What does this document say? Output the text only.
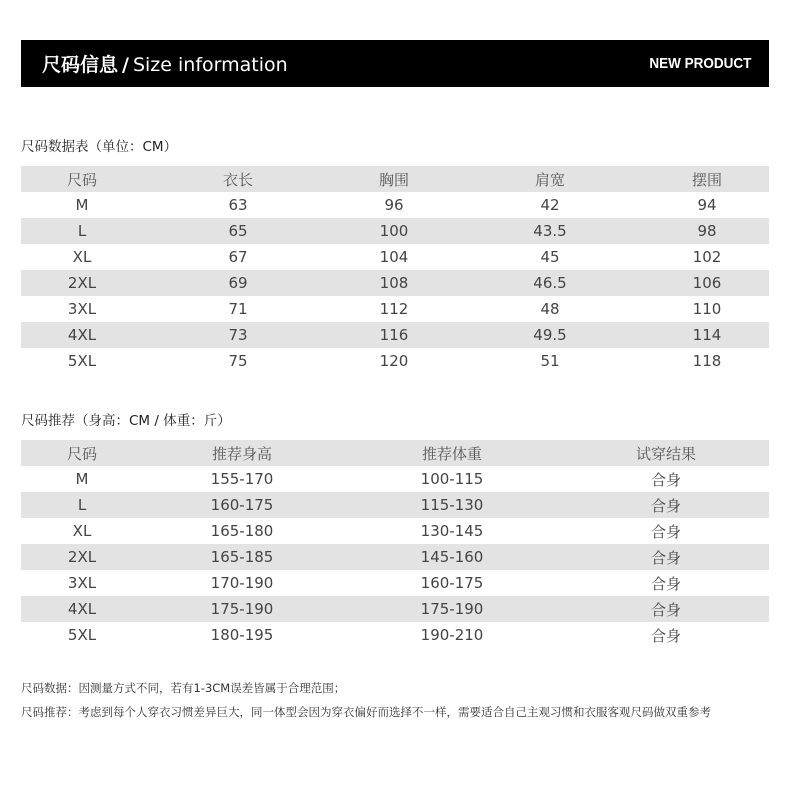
尺码信息 / Size information	NEW PRODUCT
尺码数据表（单位：CM）
尺码	衣长	胸围	肩宽	摆围
M	63	96	42	94
L	65	100	43.5	98
XL	67	104	45	102
2XL	69	108	46.5	106
3XL	71	112	48	110
4XL	73	116	49.5	114
5XL	75	120	51	118
尺码推荐（身高：CM / 体重：斤）
尺码	推荐身高	推荐体重	试穿结果
M	155-170	100-115	合身
L	160-175	115-130	合身
XL	165-180	130-145	合身
2XL	165-185	145-160	合身
3XL	170-190	160-175	合身
4XL	175-190	175-190	合身
5XL	180-195	190-210	合身
尺码数据：因测量方式不同，若有1-3CM误差皆属于合理范围；
尺码推荐：考虑到每个人穿衣习惯差异巨大，同一体型会因为穿衣偏好而选择不一样，需要适合自己主观习惯和衣服客观尺码做双重参考
